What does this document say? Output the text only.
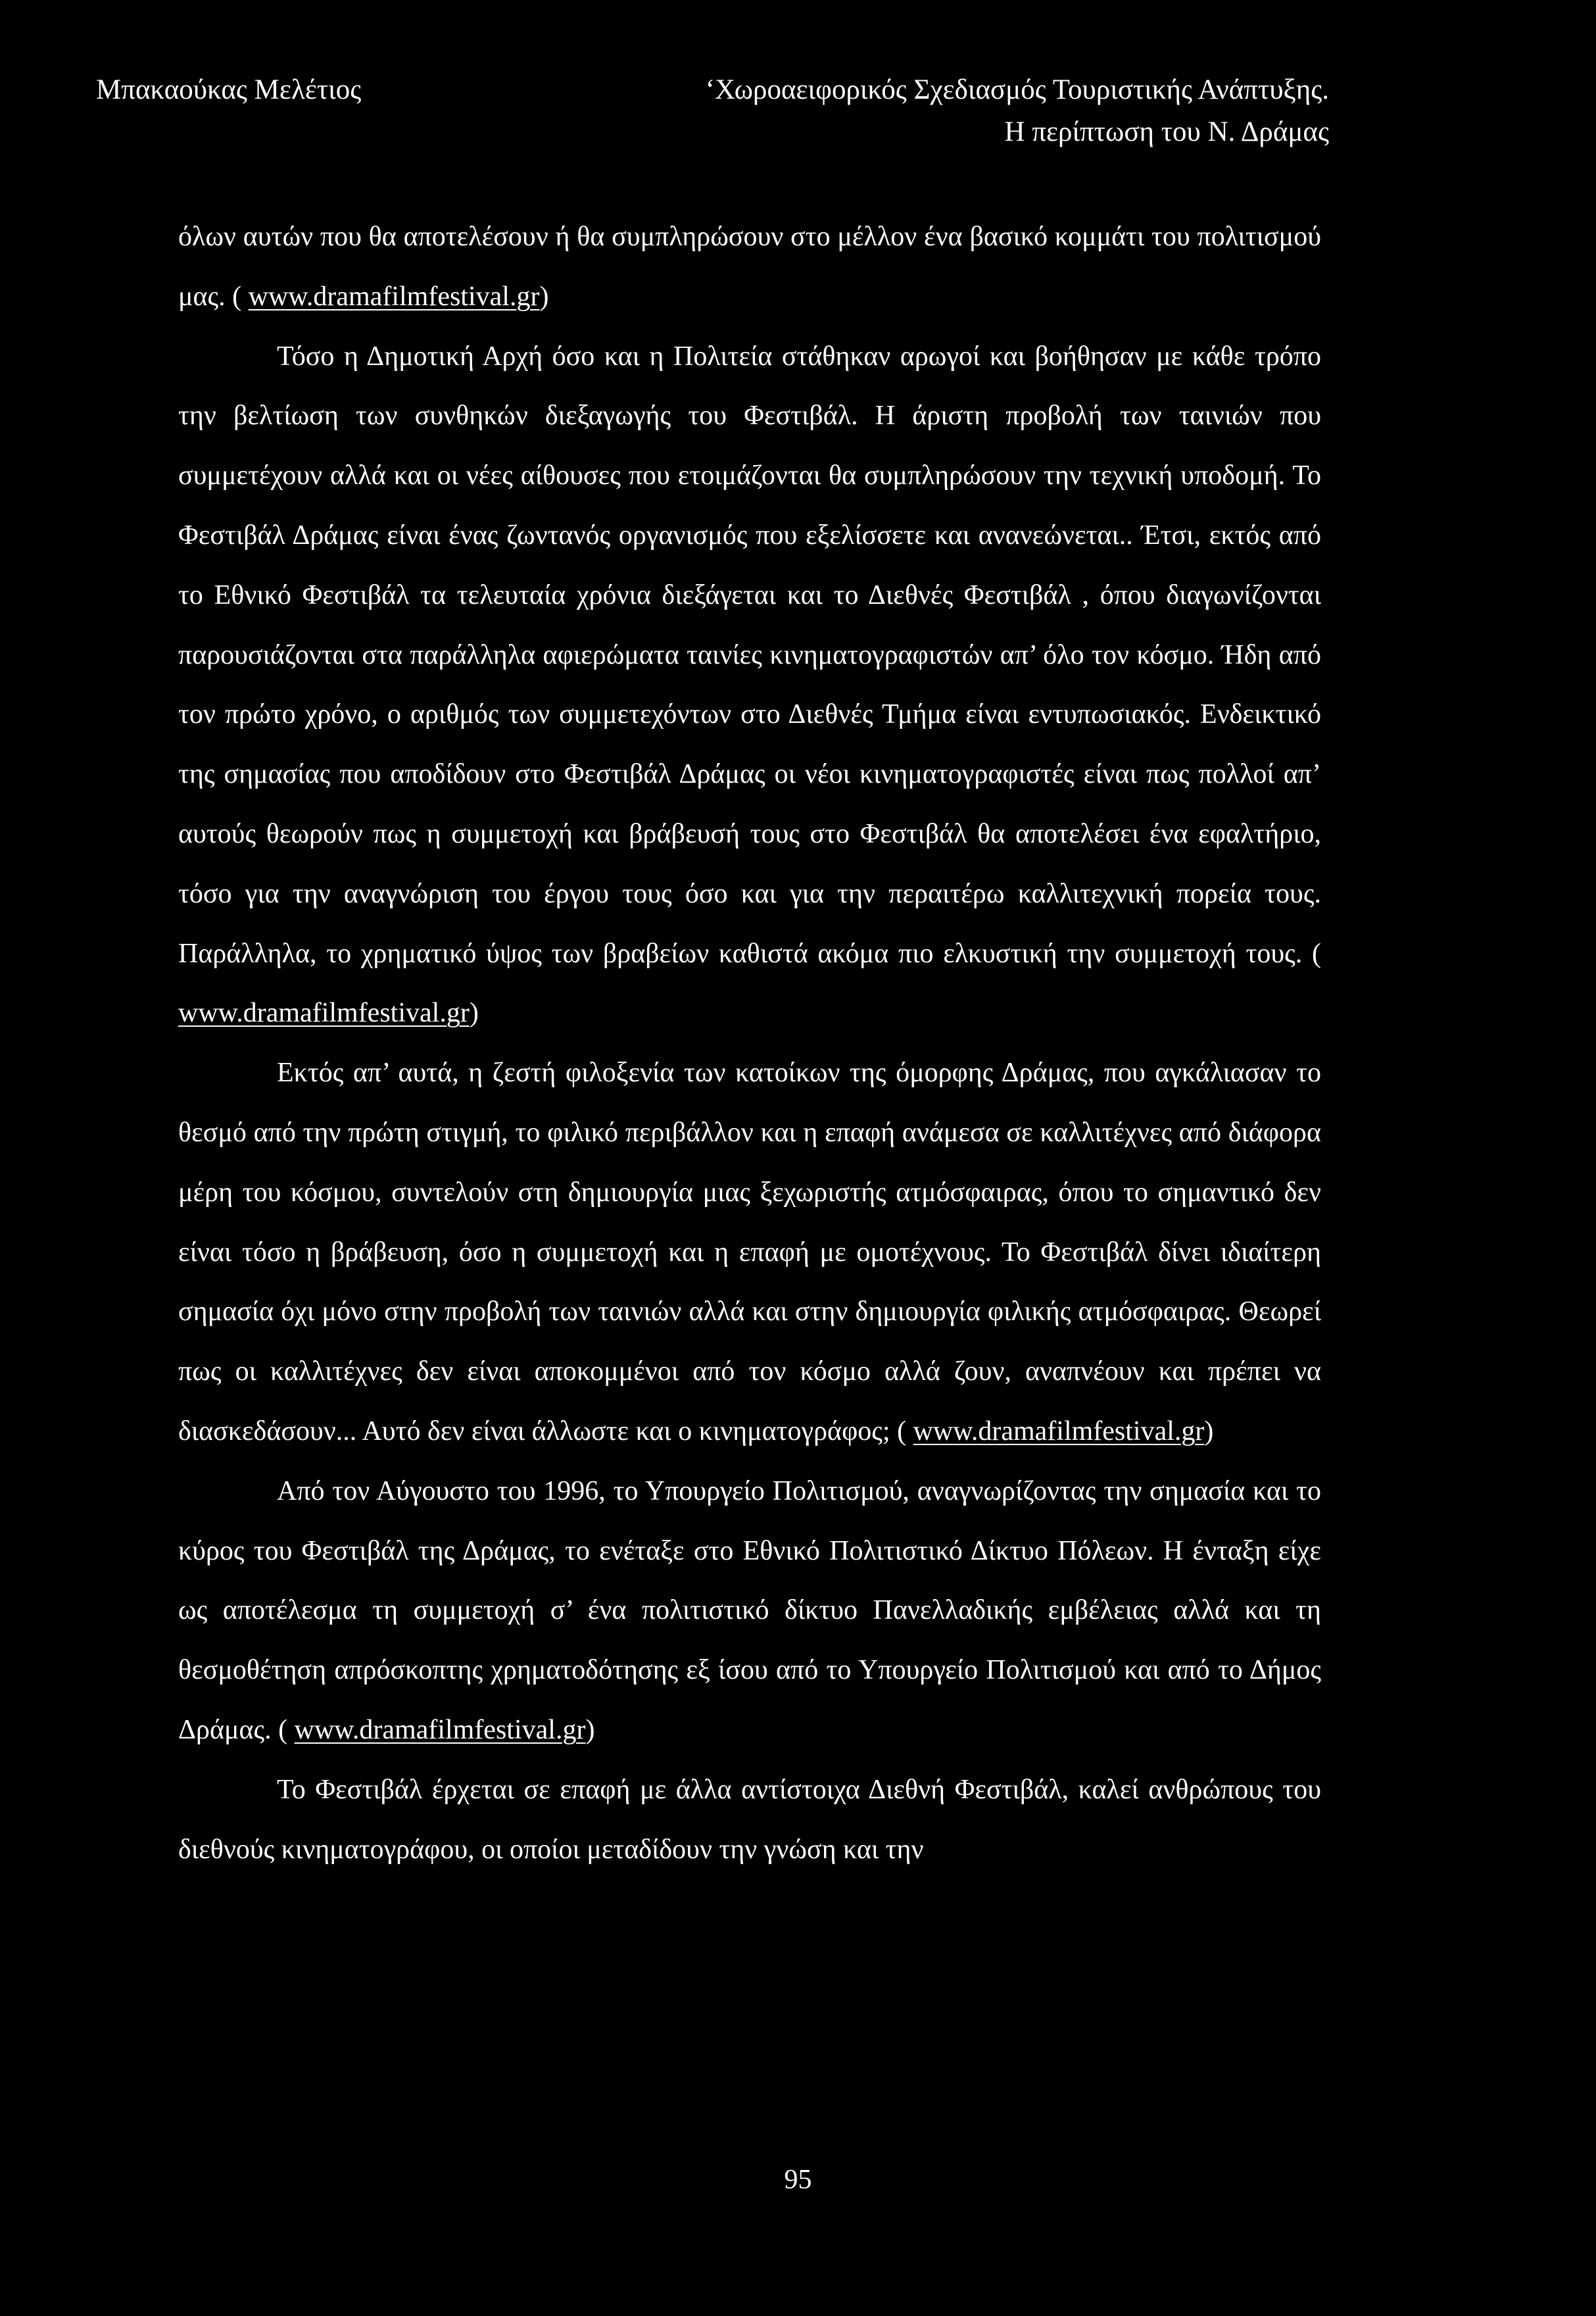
Μπακαούκας Μελέτιος	‘Χωροαειφορικός Σχεδιασμός Τουριστικής Ανάπτυξης.
Η περίπτωση του Ν. Δράμας

όλων αυτών που θα αποτελέσουν ή θα συμπληρώσουν στο μέλλον ένα βασικό κομμάτι του πολιτισμού μας. ( www.dramafilmfestival.gr)

Τόσο η Δημοτική Αρχή όσο και η Πολιτεία στάθηκαν αρωγοί και βοήθησαν με κάθε τρόπο την βελτίωση των συνθηκών διεξαγωγής του Φεστιβάλ. Η άριστη προβολή των ταινιών που συμμετέχουν αλλά και οι νέες αίθουσες που ετοιμάζονται θα συμπληρώσουν την τεχνική υποδομή. Το Φεστιβάλ Δράμας είναι ένας ζωντανός οργανισμός που εξελίσσετε και ανανεώνεται.. Έτσι, εκτός από το Εθνικό Φεστιβάλ τα τελευταία χρόνια διεξάγεται και το Διεθνές Φεστιβάλ , όπου διαγωνίζονται παρουσιάζονται στα παράλληλα αφιερώματα ταινίες κινηματογραφιστών απ’ όλο τον κόσμο. Ήδη από τον πρώτο χρόνο, ο αριθμός των συμμετεχόντων στο Διεθνές Τμήμα είναι εντυπωσιακός. Ενδεικτικό της σημασίας που αποδίδουν στο Φεστιβάλ Δράμας οι νέοι κινηματογραφιστές είναι πως πολλοί απ’ αυτούς θεωρούν πως η συμμετοχή και βράβευσή τους στο Φεστιβάλ θα αποτελέσει ένα εφαλτήριο, τόσο για την αναγνώριση του έργου τους όσο και για την περαιτέρω καλλιτεχνική πορεία τους. Παράλληλα, το χρηματικό ύψος των βραβείων καθιστά ακόμα πιο ελκυστική την συμμετοχή τους. ( www.dramafilmfestival.gr)

Εκτός απ’ αυτά, η ζεστή φιλοξενία των κατοίκων της όμορφης Δράμας, που αγκάλιασαν το θεσμό από την πρώτη στιγμή, το φιλικό περιβάλλον και η επαφή ανάμεσα σε καλλιτέχνες από διάφορα μέρη του κόσμου, συντελούν στη δημιουργία μιας ξεχωριστής ατμόσφαιρας, όπου το σημαντικό δεν είναι τόσο η βράβευση, όσο η συμμετοχή και η επαφή με ομοτέχνους. Το Φεστιβάλ δίνει ιδιαίτερη σημασία όχι μόνο στην προβολή των ταινιών αλλά και στην δημιουργία φιλικής ατμόσφαιρας. Θεωρεί πως οι καλλιτέχνες δεν είναι αποκομμένοι από τον κόσμο αλλά ζουν, αναπνέουν και πρέπει να διασκεδάσουν... Αυτό δεν είναι άλλωστε και ο κινηματογράφος; ( www.dramafilmfestival.gr)

Από τον Αύγουστο του 1996, το Υπουργείο Πολιτισμού, αναγνωρίζοντας την σημασία και το κύρος του Φεστιβάλ της Δράμας, το ενέταξε στο Εθνικό Πολιτιστικό Δίκτυο Πόλεων. Η ένταξη είχε ως αποτέλεσμα τη συμμετοχή σ’ ένα πολιτιστικό δίκτυο Πανελλαδικής εμβέλειας αλλά και τη θεσμοθέτηση απρόσκοπτης χρηματοδότησης εξ ίσου από το Υπουργείο Πολιτισμού και από το Δήμος Δράμας. ( www.dramafilmfestival.gr)

Το Φεστιβάλ έρχεται σε επαφή με άλλα αντίστοιχα Διεθνή Φεστιβάλ, καλεί ανθρώπους του διεθνούς κινηματογράφου, οι οποίοι μεταδίδουν την γνώση και την

95
